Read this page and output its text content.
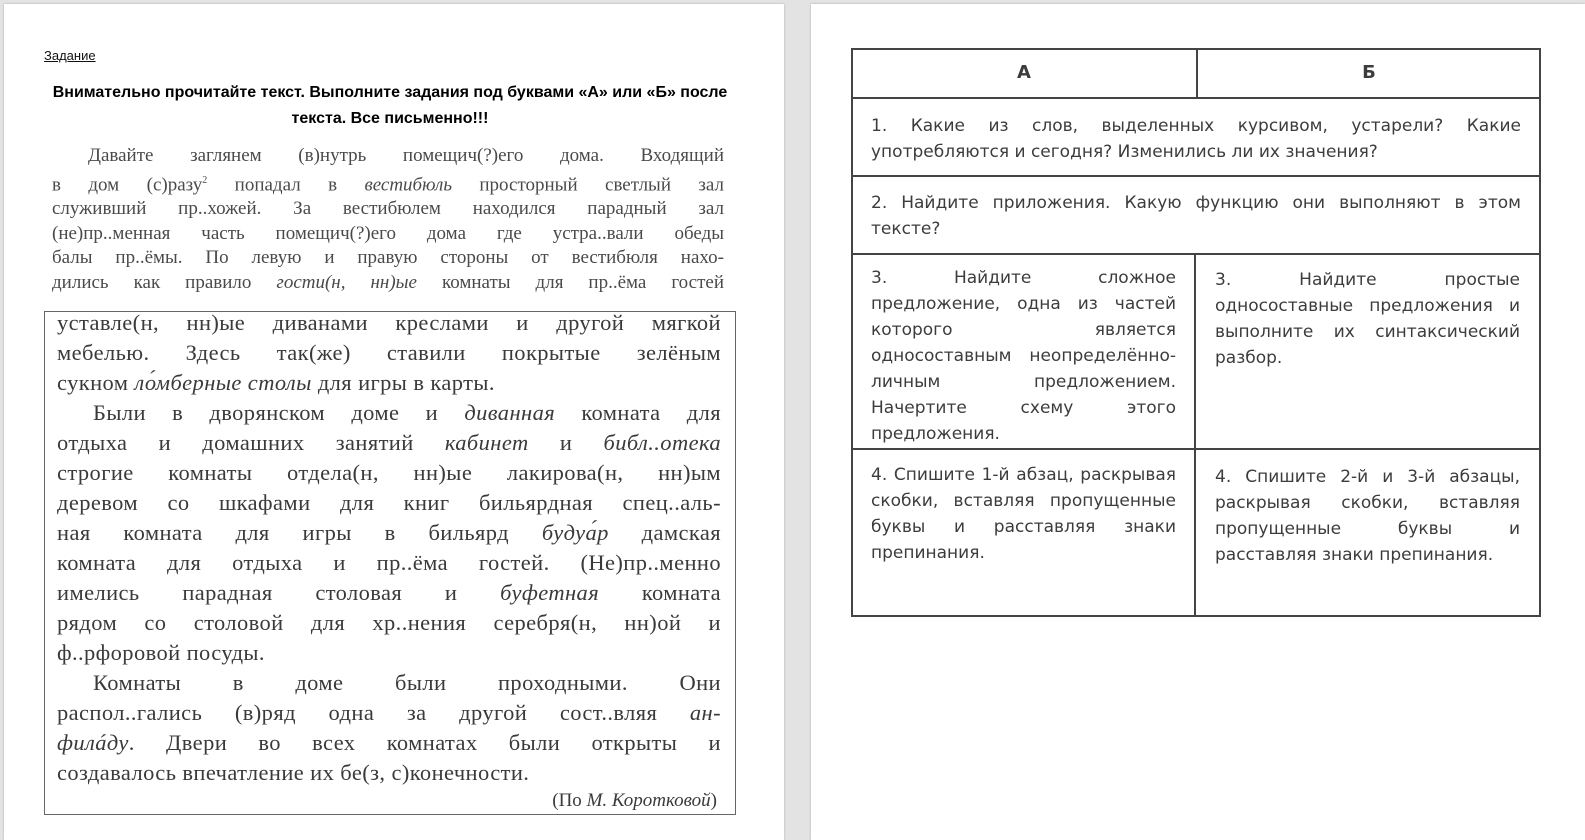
Задание
Внимательно прочитайте текст. Выполните задания под буквами «А» или «Б» после текста. Все письменно!!!
Давайте заглянем (в)нутрь помещич(?)его дома. Входящий
в дом (с)разу$^2$ попадал в вестибюль просторный светлый зал
служивший пр..хожей. За вестибюлем находился парадный зал
(не)пр..менная часть помещич(?)его дома где устра..вали обеды
балы пр..ёмы. По левую и правую стороны от вестибюля нахо-
дились как правило гости(н, нн)ые комнаты для пр..ёма гостей
уставле(н, нн)ые диванами креслами и другой мягкой
мебелью. Здесь так(же) ставили покрытые зелёным
сукном ло́мберные столы для игры в карты.
Были в дворянском доме и диванная комната для
отдыха и домашних занятий кабинет и библ..отека
строгие комнаты отдела(н, нн)ые лакирова(н, нн)ым
деревом со шкафами для книг бильярдная спец..аль-
ная комната для игры в бильярд будуа́р дамская
комната для отдыха и пр..ёма гостей. (Не)пр..менно
имелись парадная столовая и буфетная комната
рядом со столовой для хр..нения серебря(н, нн)ой и
ф..рфоровой посуды.
Комнаты в доме были проходными. Они
распол..гались (в)ряд одна за другой сост..вляя ан-
филáду. Двери во всех комнатах были открыты и
создавалось впечатление их бе(з, с)конечности.
(По М. Коротковой)
А	Б
1. Какие из слов, выделенных курсивом, устарели? Какие употребляются и сегодня? Изменились ли их значения?
2. Найдите приложения. Какую функцию они выполняют в этом тексте?
3. Найдите сложное предложение, одна из частей которого является односоставным неопределённо-личным предложением. Начертите схему этого предложения.
3. Найдите простые односоставные предложения и выполните их синтаксический разбор.
4. Спишите 1-й абзац, раскрывая скобки, вставляя пропущенные буквы и расставляя знаки препинания.
4. Спишите 2-й и 3-й абзацы, раскрывая скобки, вставляя пропущенные буквы и расставляя знаки препинания.
